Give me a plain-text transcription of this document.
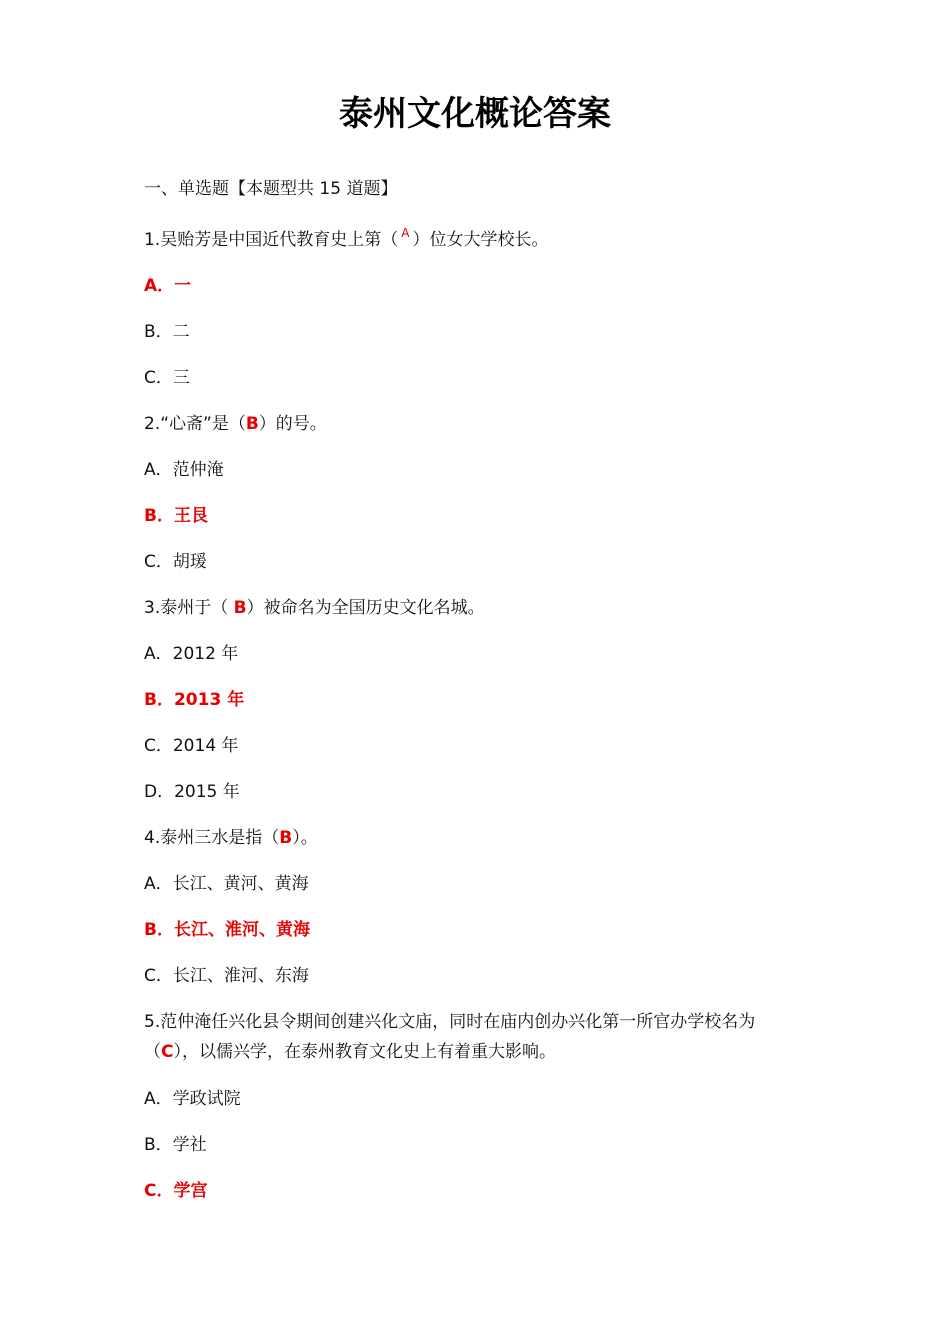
泰州文化概论答案
一、单选题【本题型共 15 道题】
1.吴贻芳是中国近代教育史上第（ $^A$ ）位女大学校长。
A．一
B．二
C．三
2.“心斋”是（B）的号。
A．范仲淹
B．王艮
C．胡瑗
3.泰州于（ B）被命名为全国历史文化名城。
A．2012 年
B．2013 年
C．2014 年
D．2015 年
4.泰州三水是指（B）。
A．长江、黄河、黄海
B．长江、淮河、黄海
C．长江、淮河、东海
5.范仲淹任兴化县令期间创建兴化文庙，同时在庙内创办兴化第一所官办学校名为
（C），以儒兴学，在泰州教育文化史上有着重大影响。
A．学政试院
B．学社
C．学宫
